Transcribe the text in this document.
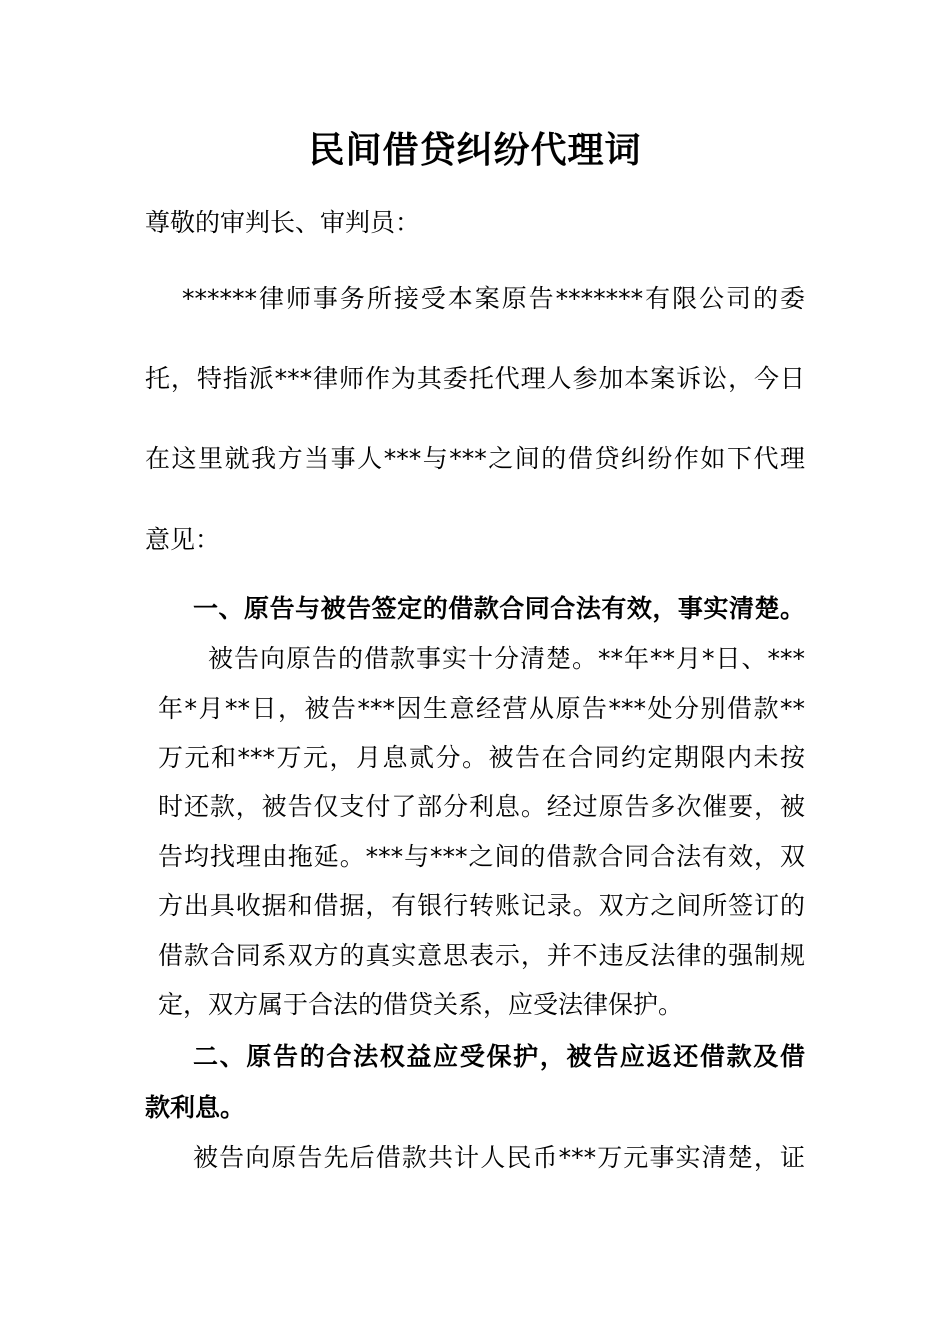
民间借贷纠纷代理词
尊敬的审判长、审判员：
******律师事务所接受本案原告*******有限公司的委
托，特指派***律师作为其委托代理人参加本案诉讼，今日
在这里就我方当事人***与***之间的借贷纠纷作如下代理
意见：
一、原告与被告签定的借款合同合法有效，事实清楚。
被告向原告的借款事实十分清楚。**年**月*日、***
年*月**日，被告***因生意经营从原告***处分别借款**
万元和***万元，月息贰分。被告在合同约定期限内未按
时还款，被告仅支付了部分利息。经过原告多次催要，被
告均找理由拖延。***与***之间的借款合同合法有效，双
方出具收据和借据，有银行转账记录。双方之间所签订的
借款合同系双方的真实意思表示，并不违反法律的强制规
定，双方属于合法的借贷关系，应受法律保护。
二、原告的合法权益应受保护，被告应返还借款及借
款利息。
被告向原告先后借款共计人民币***万元事实清楚，证
